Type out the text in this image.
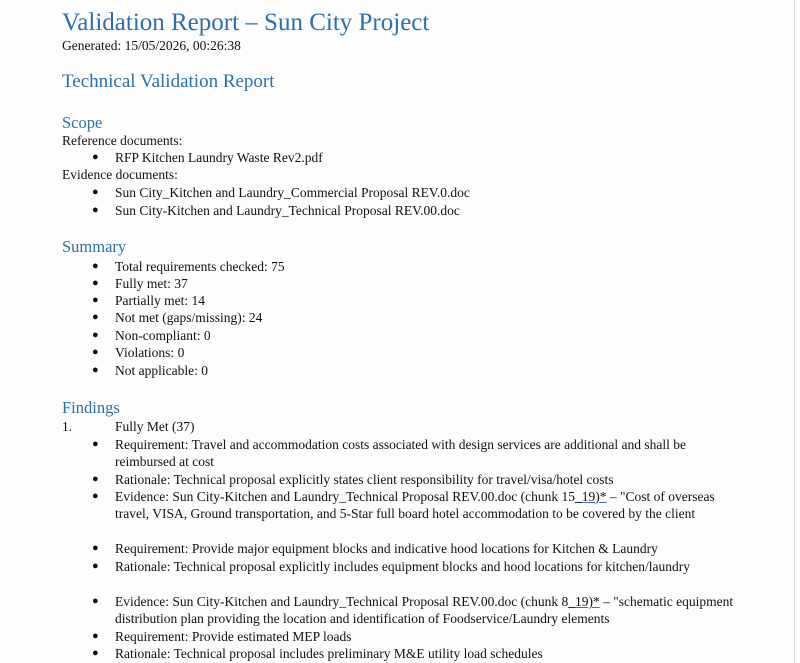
Validation Report – Sun City Project
Generated: 15/05/2026, 00:26:38
Technical Validation Report
Scope
Reference documents:
● RFP Kitchen Laundry Waste Rev2.pdf
Evidence documents:
● Sun City_Kitchen and Laundry_Commercial Proposal REV.0.doc
● Sun City-Kitchen and Laundry_Technical Proposal REV.00.doc
Summary
● Total requirements checked: 75
● Fully met: 37
● Partially met: 14
● Not met (gaps/missing): 24
● Non-compliant: 0
● Violations: 0
● Not applicable: 0
Findings
1.	Fully Met (37)
● Requirement: Travel and accommodation costs associated with design services are additional and shall be reimbursed at cost
● Rationale: Technical proposal explicitly states client responsibility for travel/visa/hotel costs
● Evidence: Sun City-Kitchen and Laundry_Technical Proposal REV.00.doc (chunk 15_19)* – "Cost of overseas travel, VISA, Ground transportation, and 5-Star full board hotel accommodation to be covered by the client
● Requirement: Provide major equipment blocks and indicative hood locations for Kitchen & Laundry
● Rationale: Technical proposal explicitly includes equipment blocks and hood locations for kitchen/laundry
● Evidence: Sun City-Kitchen and Laundry_Technical Proposal REV.00.doc (chunk 8_19)* – "schematic equipment distribution plan providing the location and identification of Foodservice/Laundry elements
● Requirement: Provide estimated MEP loads
● Rationale: Technical proposal includes preliminary M&E utility load schedules
